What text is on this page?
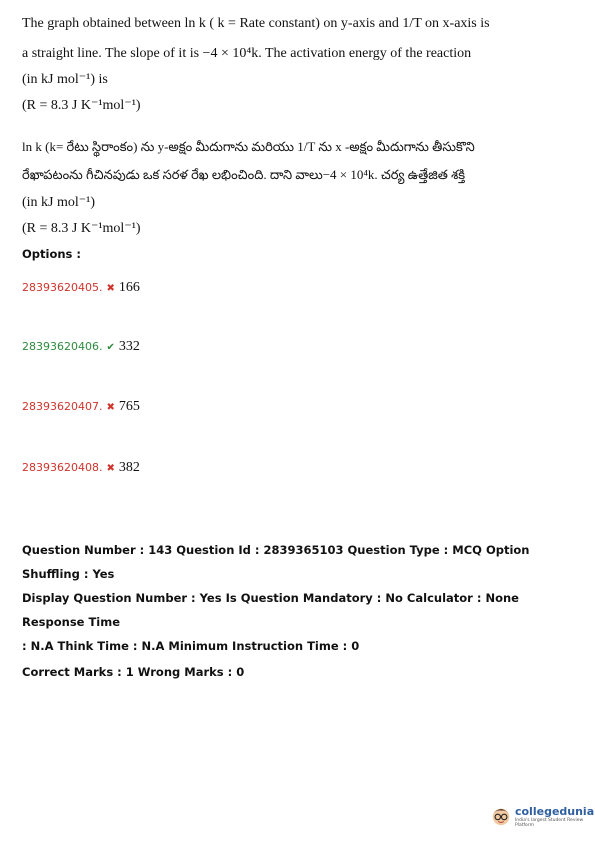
The graph obtained between ln k ( k = Rate constant) on y-axis and 1/T on x-axis is
a straight line. The slope of it is −4 × 10⁴k. The activation energy of the reaction
(in kJ mol⁻¹) is
(R = 8.3 J K⁻¹mol⁻¹)
ln k (k= రేటు స్థిరాంకం) ను y-అక్షం మీదుగాను మరియు 1/T ను x -అక్షం మీదుగాను తీసుకొని
రేఖాపటంను గీచినపుడు ఒక సరళ రేఖ లభించింది. దాని వాలు−4 × 10⁴k. చర్య ఉత్తేజిత శక్తి
(in kJ mol⁻¹)
(R = 8.3 J K⁻¹mol⁻¹)
Options :
28393620405. ✖ 166
28393620406. ✔ 332
28393620407. ✖ 765
28393620408. ✖ 382
Question Number : 143 Question Id : 2839365103 Question Type : MCQ Option Shuffling : Yes
Display Question Number : Yes Is Question Mandatory : No Calculator : None Response Time
: N.A Think Time : N.A Minimum Instruction Time : 0
Correct Marks : 1 Wrong Marks : 0
collegedunia
India's largest Student Review Platform
